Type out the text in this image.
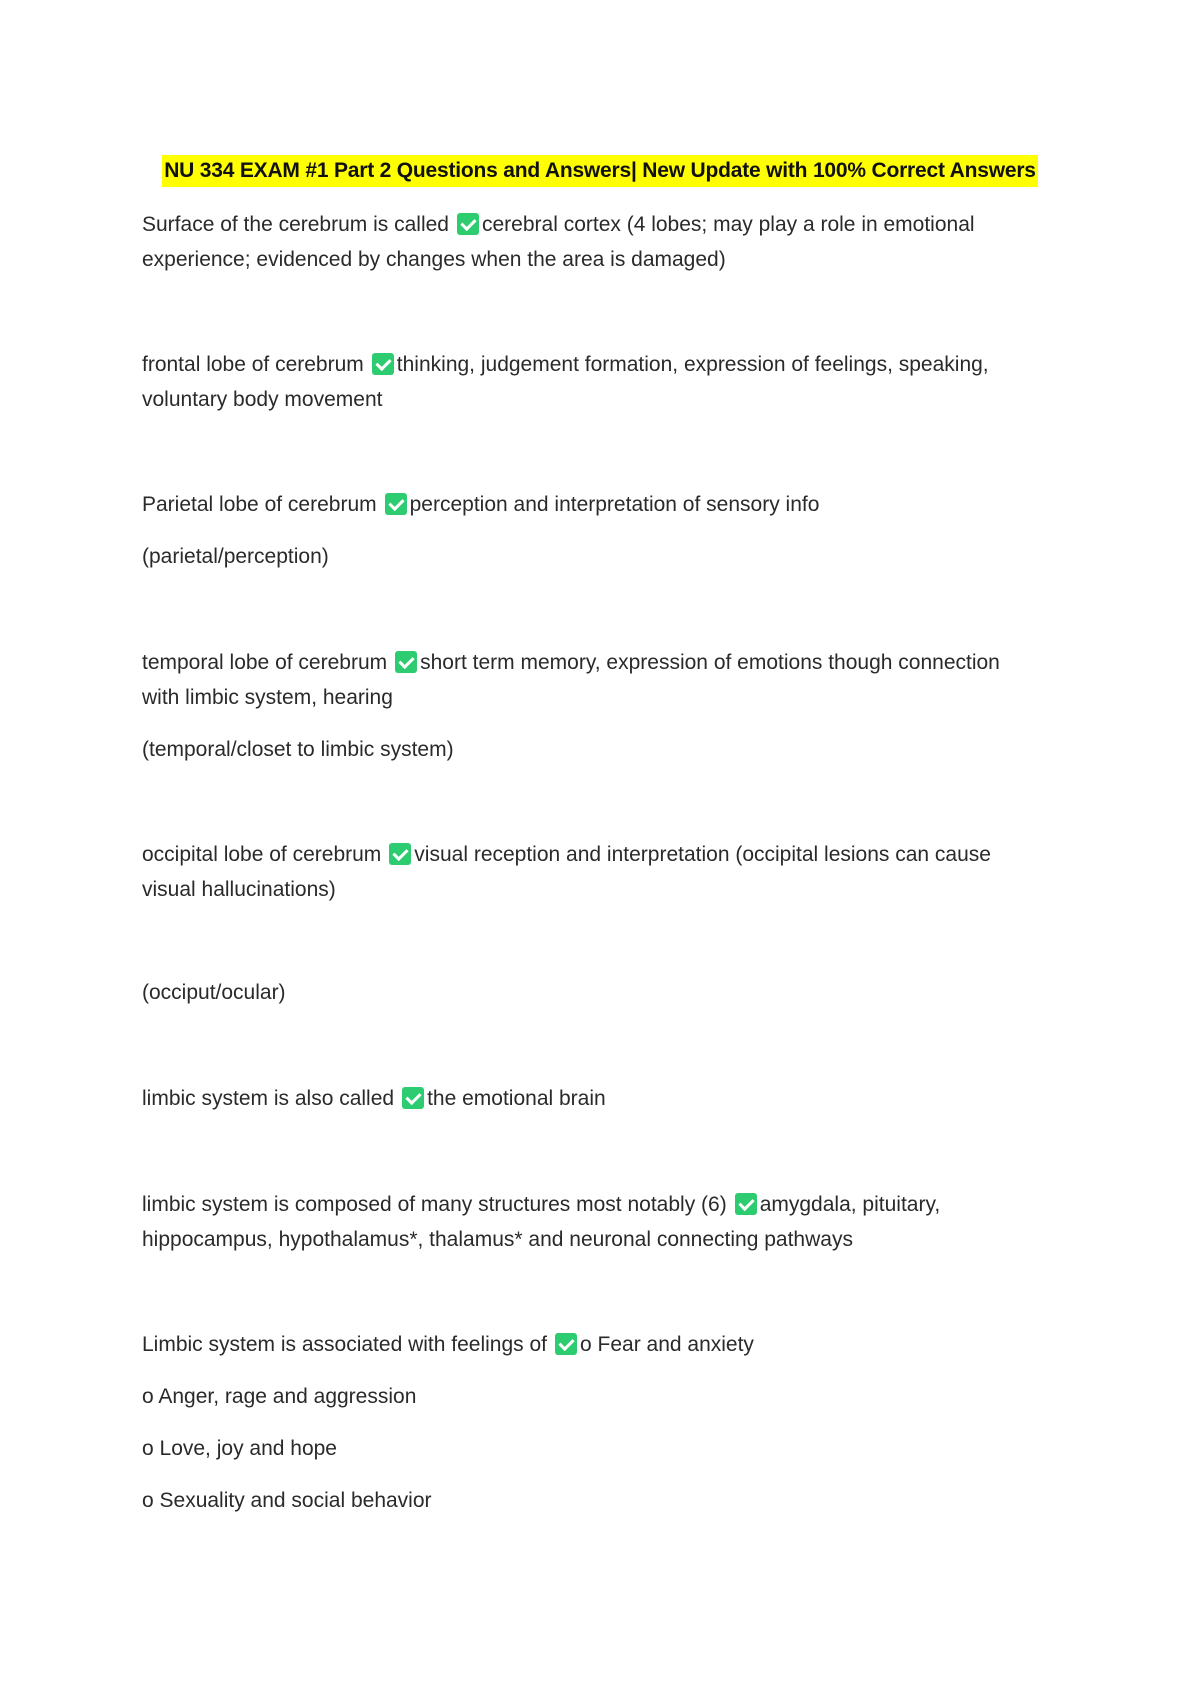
NU 334 EXAM #1 Part 2 Questions and Answers| New Update with 100% Correct Answers
Surface of the cerebrum is called cerebral cortex (4 lobes; may play a role in emotional
experience; evidenced by changes when the area is damaged)
frontal lobe of cerebrum thinking, judgement formation, expression of feelings, speaking,
voluntary body movement
Parietal lobe of cerebrum perception and interpretation of sensory info
(parietal/perception)
temporal lobe of cerebrum short term memory, expression of emotions though connection
with limbic system, hearing
(temporal/closet to limbic system)
occipital lobe of cerebrum visual reception and interpretation (occipital lesions can cause
visual hallucinations)
(occiput/ocular)
limbic system is also called the emotional brain
limbic system is composed of many structures most notably (6) amygdala, pituitary,
hippocampus, hypothalamus*, thalamus* and neuronal connecting pathways
Limbic system is associated with feelings of o Fear and anxiety
o Anger, rage and aggression
o Love, joy and hope
o Sexuality and social behavior
